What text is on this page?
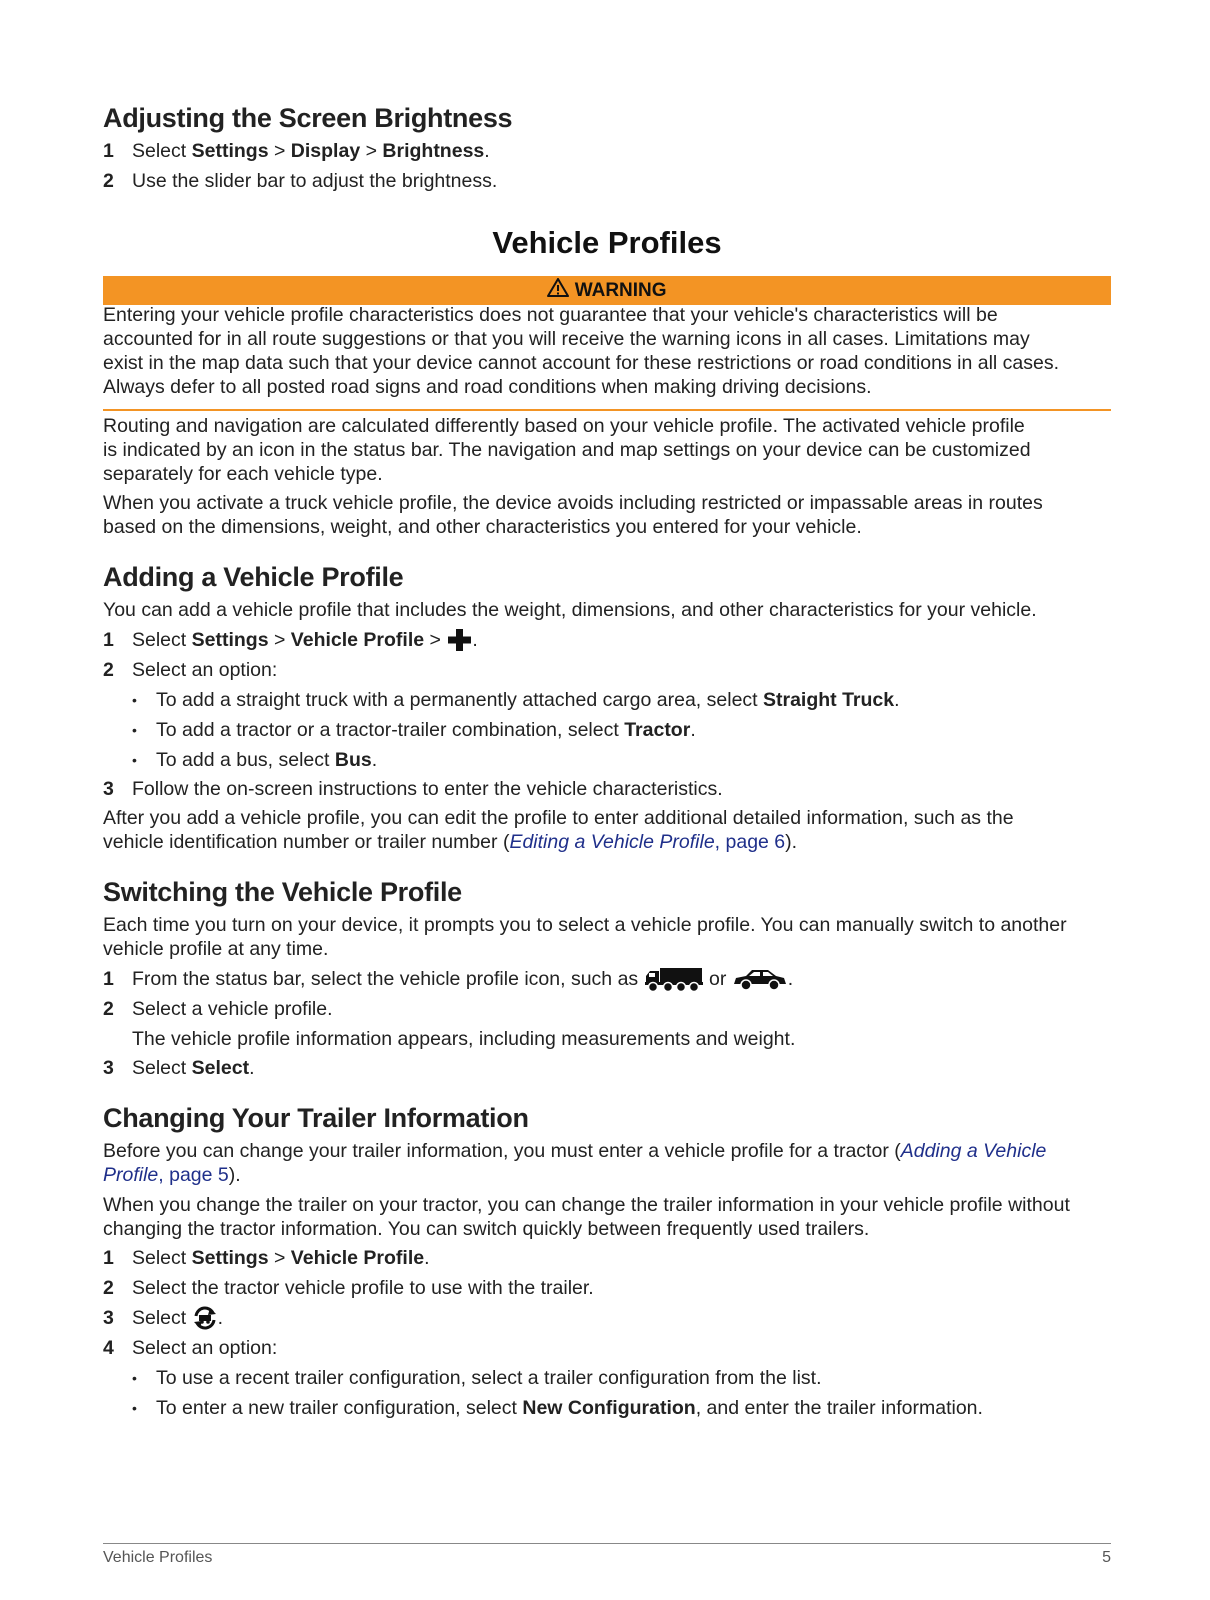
Adjusting the Screen Brightness
1 Select Settings > Display > Brightness.
2 Use the slider bar to adjust the brightness.
Vehicle Profiles
WARNING

Entering your vehicle profile characteristics does not guarantee that your vehicle's characteristics will be

accounted for in all route suggestions or that you will receive the warning icons in all cases. Limitations may

exist in the map data such that your device cannot account for these restrictions or road conditions in all cases.

Always defer to all posted road signs and road conditions when making driving decisions.

Routing and navigation are calculated differently based on your vehicle profile. The activated vehicle profile

is indicated by an icon in the status bar. The navigation and map settings on your device can be customized

separately for each vehicle type.

When you activate a truck vehicle profile, the device avoids including restricted or impassable areas in routes

based on the dimensions, weight, and other characteristics you entered for your vehicle.

Adding a Vehicle Profile

You can add a vehicle profile that includes the weight, dimensions, and other characteristics for your vehicle.

1 Select Settings > Vehicle Profile > .
2 Select an option:
• To add a straight truck with a permanently attached cargo area, select Straight Truck.
• To add a tractor or a tractor-trailer combination, select Tractor.
• To add a bus, select Bus.
3 Follow the on-screen instructions to enter the vehicle characteristics.

After you add a vehicle profile, you can edit the profile to enter additional detailed information, such as the

vehicle identification number or trailer number (Editing a Vehicle Profile, page 6).

Switching the Vehicle Profile

Each time you turn on your device, it prompts you to select a vehicle profile. You can manually switch to another

vehicle profile at any time.

1 From the status bar, select the vehicle profile icon, such as	or	.
2 Select a vehicle profile.
The vehicle profile information appears, including measurements and weight.
3 Select Select.
Changing Your Trailer Information

Before you can change your trailer information, you must enter a vehicle profile for a tractor (Adding a Vehicle

Profile, page 5).

When you change the trailer on your tractor, you can change the trailer information in your vehicle profile without

changing the tractor information. You can switch quickly between frequently used trailers.

1 Select Settings > Vehicle Profile.
2 Select the tractor vehicle profile to use with the trailer.
3 Select .
4 Select an option:
• To use a recent trailer configuration, select a trailer configuration from the list.
• To enter a new trailer configuration, select New Configuration, and enter the trailer information.
Vehicle Profiles	5
